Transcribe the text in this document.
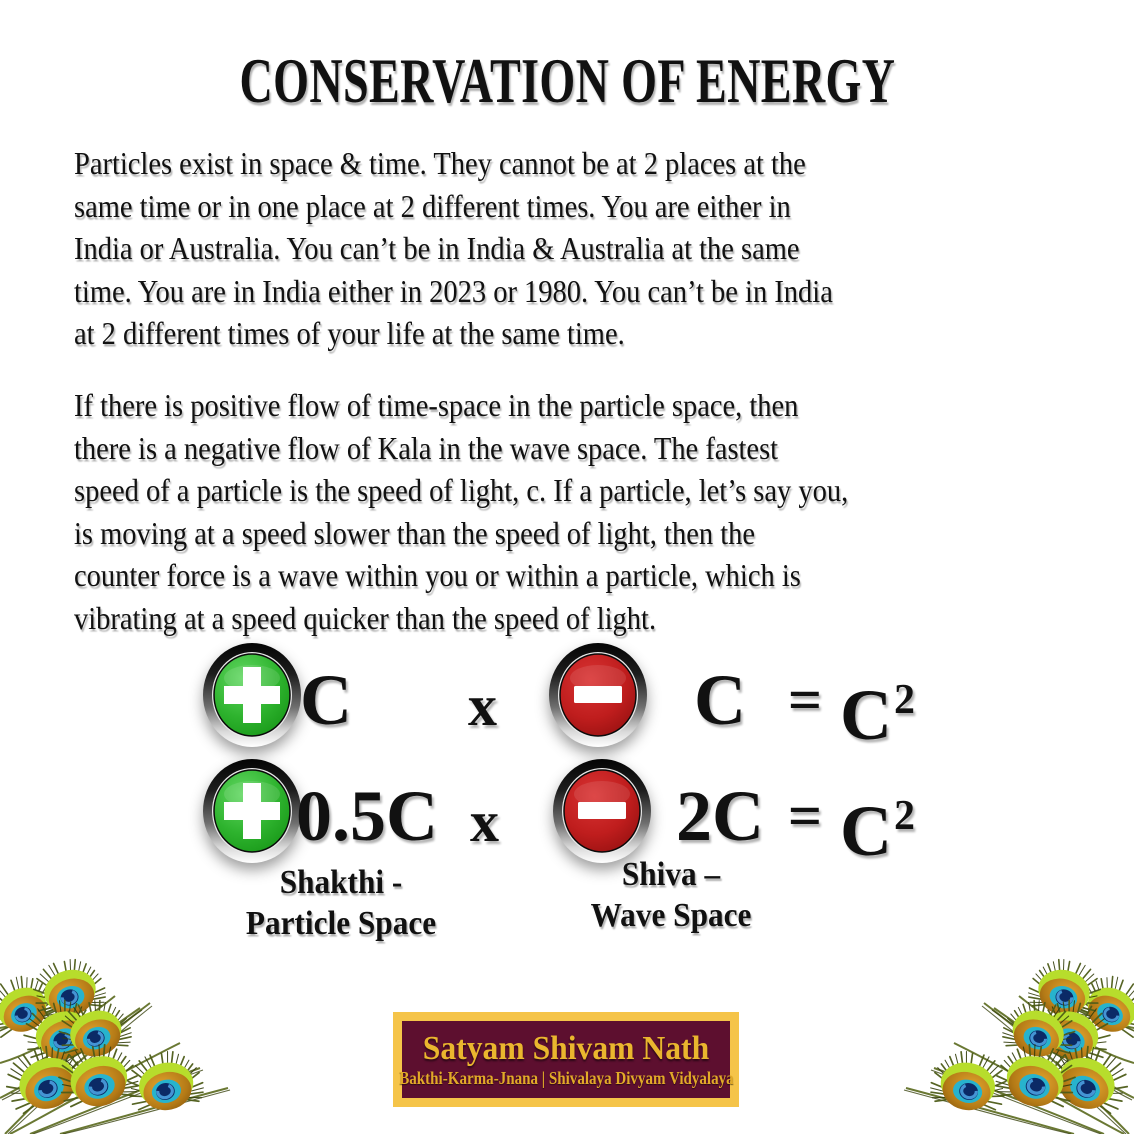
CONSERVATION OF ENERGY
Particles exist in space & time. They cannot be at 2 places at the
same time or in one place at 2 different times. You are either in
India or Australia. You can’t be in India & Australia at the same
time. You are in India either in 2023 or 1980. You can’t be in India
at 2 different times of your life at the same time.
If there is positive flow of time-space in the particle space, then
there is a negative flow of Kala in the wave space. The fastest
speed of a particle is the speed of light, c. If a particle, let’s say you,
is moving at a speed slower than the speed of light, then the
counter force is a wave within you or within a particle, which is
vibrating at a speed quicker than the speed of light.
C x	$C = C^2$
0.5C x $2C = C^2$
Shakthi -
Particle Space
Shiva –
Wave Space
Satyam Shivam Nath
Bakthi-Karma-Jnana | Shivalaya Divyam Vidyalaya
